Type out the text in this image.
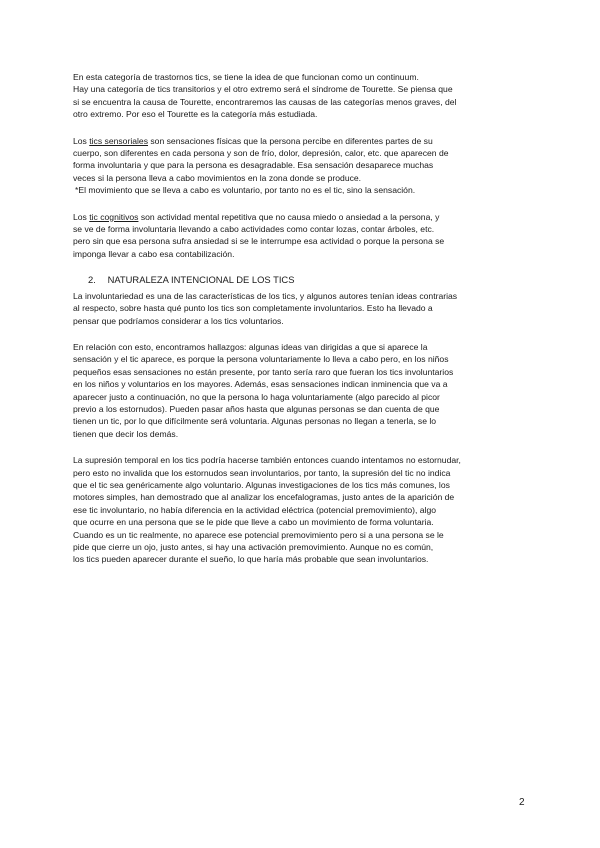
En esta categoría de trastornos tics, se tiene la idea de que funcionan como un continuum.
Hay una categoría de tics transitorios y el otro extremo será el síndrome de Tourette. Se piensa que
si se encuentra la causa de Tourette, encontraremos las causas de las categorías menos graves, del
otro extremo. Por eso el Tourette es la categoría más estudiada.

Los tics sensoriales son sensaciones físicas que la persona percibe en diferentes partes de su
cuerpo, son diferentes en cada persona y son de frío, dolor, depresión, calor, etc. que aparecen de
forma involuntaria y que para la persona es desagradable. Esa sensación desaparece muchas
veces si la persona lleva a cabo movimientos en la zona donde se produce.
*El movimiento que se lleva a cabo es voluntario, por tanto no es el tic, sino la sensación.

Los tic cognitivos son actividad mental repetitiva que no causa miedo o ansiedad a la persona, y
se ve de forma involuntaria llevando a cabo actividades como contar lozas, contar árboles, etc.
pero sin que esa persona sufra ansiedad si se le interrumpe esa actividad o porque la persona se
imponga llevar a cabo esa contabilización.

2. NATURALEZA INTENCIONAL DE LOS TICS

La involuntariedad es una de las características de los tics, y algunos autores tenían ideas contrarias
al respecto, sobre hasta qué punto los tics son completamente involuntarios. Esto ha llevado a
pensar que podríamos considerar a los tics voluntarios.

En relación con esto, encontramos hallazgos: algunas ideas van dirigidas a que si aparece la
sensación y el tic aparece, es porque la persona voluntariamente lo lleva a cabo pero, en los niños
pequeños esas sensaciones no están presente, por tanto sería raro que fueran los tics involuntarios
en los niños y voluntarios en los mayores. Además, esas sensaciones indican inminencia que va a
aparecer justo a continuación, no que la persona lo haga voluntariamente (algo parecido al picor
previo a los estornudos). Pueden pasar años hasta que algunas personas se dan cuenta de que
tienen un tic, por lo que difícilmente será voluntaria. Algunas personas no llegan a tenerla, se lo
tienen que decir los demás.

La supresión temporal en los tics podría hacerse también entonces cuando intentamos no estornudar,
pero esto no invalida que los estornudos sean involuntarios, por tanto, la supresión del tic no indica
que el tic sea genéricamente algo voluntario. Algunas investigaciones de los tics más comunes, los
motores simples, han demostrado que al analizar los encefalogramas, justo antes de la aparición de
ese tic involuntario, no había diferencia en la actividad eléctrica (potencial premovimiento), algo
que ocurre en una persona que se le pide que lleve a cabo un movimiento de forma voluntaria.
Cuando es un tic realmente, no aparece ese potencial premovimiento pero si a una persona se le
pide que cierre un ojo, justo antes, si hay una activación premovimiento. Aunque no es común,
los tics pueden aparecer durante el sueño, lo que haría más probable que sean involuntarios.

2
